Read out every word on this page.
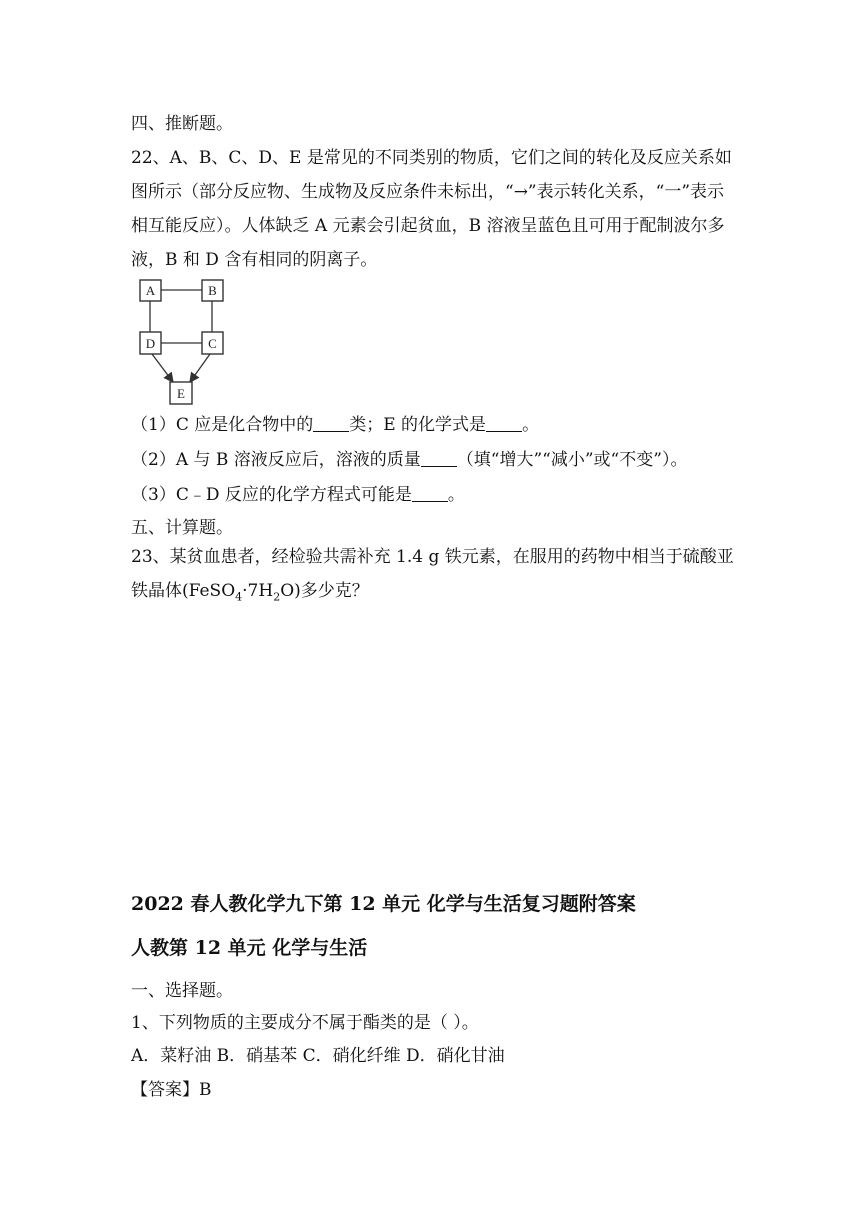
四、推断题。
22、A、B、C、D、E 是常见的不同类别的物质，它们之间的转化及反应关系如
图所示（部分反应物、生成物及反应条件未标出，“→”表示转化关系，“一”表示
相互能反应）。人体缺乏 A 元素会引起贫血，B 溶液呈蓝色且可用于配制波尔多
液，B 和 D 含有相同的阴离子。
A	B
D	C
E
（1）C 应是化合物中的 类；E 的化学式是 。
（2）A 与 B 溶液反应后，溶液的质量 （填“增大”“减小”或“不变”）。
（3）C﹣D 反应的化学方程式可能是 。
五、计算题。
23、某贫血患者，经检验共需补充 1.4 g 铁元素，在服用的药物中相当于硫酸亚
铁晶体$(FeSO_4\cdot 7H_2O)$多少克？
2022 春人教化学九下第 12 单元 化学与生活复习题附答案
人教第 12 单元 化学与生活
一、选择题。
1、下列物质的主要成分不属于酯类的是（ ）。
A．菜籽油 B．硝基苯 C．硝化纤维 D．硝化甘油
【答案】B
